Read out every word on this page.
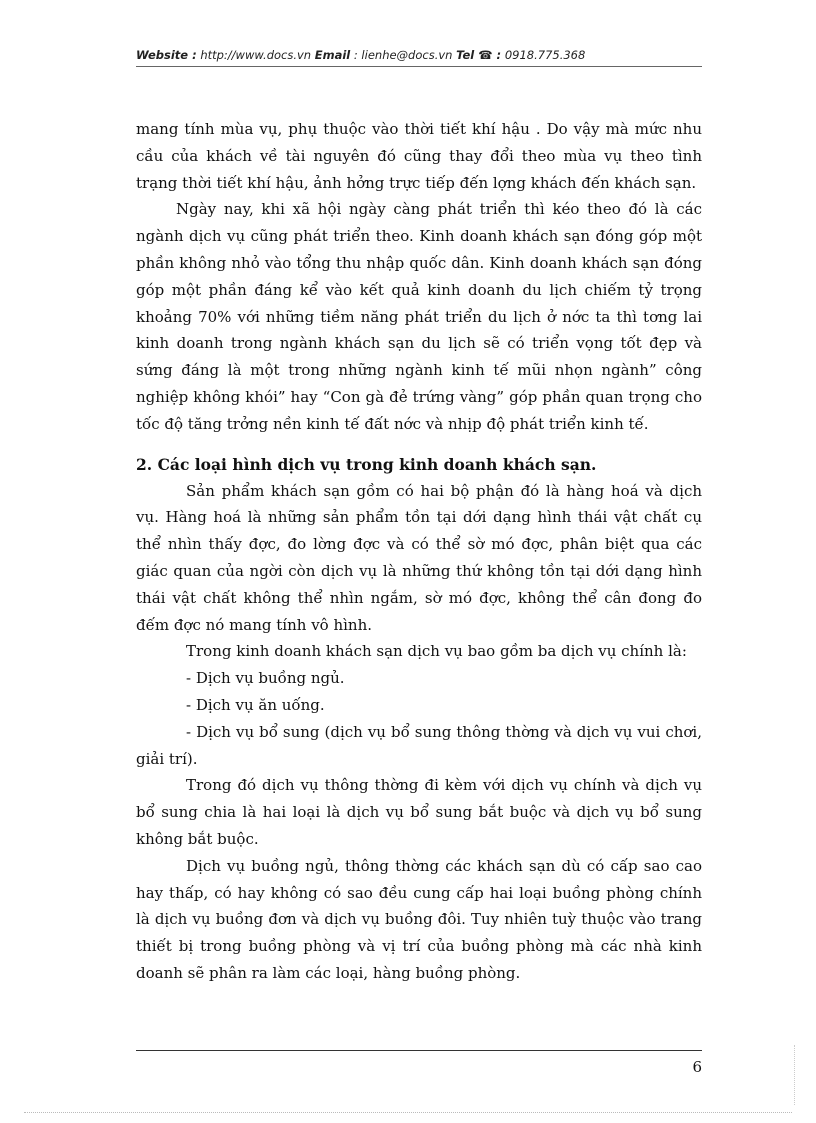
Website : http://www.docs.vn Email : lienhe@docs.vn Tel ☎ : 0918.775.368

mang tính mùa vụ, phụ thuộc vào thời tiết khí hậu . Do vậy mà mức nhu cầu của khách về tài nguyên đó cũng thay đổi theo mùa vụ theo tình trạng thời tiết khí hậu, ảnh hởng trực tiếp đến lợng khách đến khách sạn.

Ngày nay, khi xã hội ngày càng phát triển thì kéo theo đó là các ngành dịch vụ cũng phát triển theo. Kinh doanh khách sạn đóng góp một phần không nhỏ vào tổng thu nhập quốc dân. Kinh doanh khách sạn đóng góp một phần đáng kể vào kết quả kinh doanh du lịch chiếm tỷ trọng khoảng 70% với những tiềm năng phát triển du lịch ở nớc ta thì tơng lai kinh doanh trong ngành khách sạn du lịch sẽ có triển vọng tốt đẹp và sứng đáng là một trong những ngành kinh tế mũi nhọn ngành” công nghiệp không khói” hay “Con gà đẻ trứng vàng” góp phần quan trọng cho tốc độ tăng trởng nền kinh tế đất nớc và nhịp độ phát triển kinh tế.

2. Các loại hình dịch vụ trong kinh doanh khách sạn.

Sản phẩm khách sạn gồm có hai bộ phận đó là hàng hoá và dịch vụ. Hàng hoá là những sản phẩm tồn tại dới dạng hình thái vật chất cụ thể nhìn thấy đợc, đo lờng đợc và có thể sờ mó đợc, phân biệt qua các giác quan của ngời còn dịch vụ là những thứ không tồn tại dới dạng hình thái vật chất không thể nhìn ngắm, sờ mó đợc, không thể cân đong đo đếm đợc nó mang tính vô hình.

Trong kinh doanh khách sạn dịch vụ bao gồm ba dịch vụ chính là:

- Dịch vụ buồng ngủ.

- Dịch vụ ăn uống.

- Dịch vụ bổ sung (dịch vụ bổ sung thông thờng và dịch vụ vui chơi, giải trí).

Trong đó dịch vụ thông thờng đi kèm với dịch vụ chính và dịch vụ bổ sung chia là hai loại là dịch vụ bổ sung bắt buộc và dịch vụ bổ sung không bắt buộc.

Dịch vụ buồng ngủ, thông thờng các khách sạn dù có cấp sao cao hay thấp, có hay không có sao đều cung cấp hai loại buồng phòng chính là dịch vụ buồng đơn và dịch vụ buồng đôi. Tuy nhiên tuỳ thuộc vào trang thiết bị trong buồng phòng và vị trí của buồng phòng mà các nhà kinh doanh sẽ phân ra làm các loại, hàng buồng phòng.

6
